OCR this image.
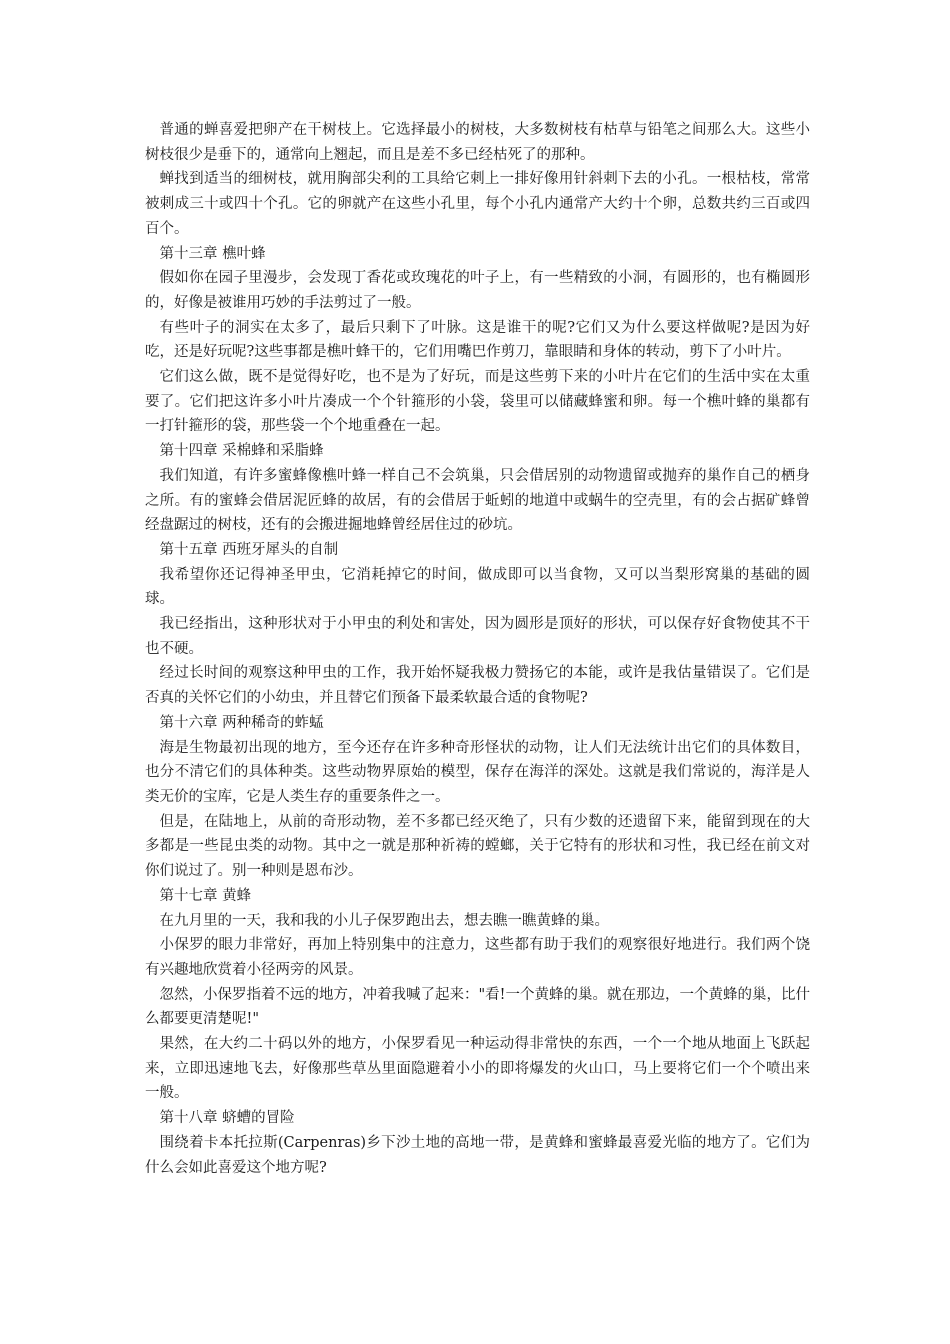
普通的蝉喜爱把卵产在干树枝上。它选择最小的树枝，大多数树枝有枯草与铅笔之间那么大。这些小树枝很少是垂下的，通常向上翘起，而且是差不多已经枯死了的那种。

蝉找到适当的细树枝，就用胸部尖利的工具给它刺上一排好像用针斜刺下去的小孔。一根枯枝，常常被刺成三十或四十个孔。它的卵就产在这些小孔里，每个小孔内通常产大约十个卵，总数共约三百或四百个。

第十三章 樵叶蜂

假如你在园子里漫步，会发现丁香花或玫瑰花的叶子上，有一些精致的小洞，有圆形的，也有椭圆形的，好像是被谁用巧妙的手法剪过了一般。

有些叶子的洞实在太多了，最后只剩下了叶脉。这是谁干的呢?它们又为什么要这样做呢?是因为好吃，还是好玩呢?这些事都是樵叶蜂干的，它们用嘴巴作剪刀，靠眼睛和身体的转动，剪下了小叶片。

它们这么做，既不是觉得好吃，也不是为了好玩，而是这些剪下来的小叶片在它们的生活中实在太重要了。它们把这许多小叶片凑成一个个针箍形的小袋，袋里可以储藏蜂蜜和卵。每一个樵叶蜂的巢都有一打针箍形的袋，那些袋一个个地重叠在一起。

第十四章 采棉蜂和采脂蜂

我们知道，有许多蜜蜂像樵叶蜂一样自己不会筑巢，只会借居别的动物遗留或抛弃的巢作自己的栖身之所。有的蜜蜂会借居泥匠蜂的故居，有的会借居于蚯蚓的地道中或蜗牛的空壳里，有的会占据矿蜂曾经盘踞过的树枝，还有的会搬进掘地蜂曾经居住过的砂坑。

第十五章 西班牙犀头的自制

我希望你还记得神圣甲虫，它消耗掉它的时间，做成即可以当食物，又可以当梨形窝巢的基础的圆球。

我已经指出，这种形状对于小甲虫的利处和害处，因为圆形是顶好的形状，可以保存好食物使其不干也不硬。

经过长时间的观察这种甲虫的工作，我开始怀疑我极力赞扬它的本能，或许是我估量错误了。它们是否真的关怀它们的小幼虫，并且替它们预备下最柔软最合适的食物呢?

第十六章 两种稀奇的蚱蜢

海是生物最初出现的地方，至今还存在许多种奇形怪状的动物，让人们无法统计出它们的具体数目，也分不清它们的具体种类。这些动物界原始的模型，保存在海洋的深处。这就是我们常说的，海洋是人类无价的宝库，它是人类生存的重要条件之一。

但是，在陆地上，从前的奇形动物，差不多都已经灭绝了，只有少数的还遗留下来，能留到现在的大多都是一些昆虫类的动物。其中之一就是那种祈祷的螳螂，关于它特有的形状和习性，我已经在前文对你们说过了。别一种则是恩布沙。

第十七章 黄蜂

在九月里的一天，我和我的小儿子保罗跑出去，想去瞧一瞧黄蜂的巢。

小保罗的眼力非常好，再加上特别集中的注意力，这些都有助于我们的观察很好地进行。我们两个饶有兴趣地欣赏着小径两旁的风景。

忽然，小保罗指着不远的地方，冲着我喊了起来："看!一个黄蜂的巢。就在那边，一个黄蜂的巢，比什么都要更清楚呢!"

果然，在大约二十码以外的地方，小保罗看见一种运动得非常快的东西，一个一个地从地面上飞跃起来，立即迅速地飞去，好像那些草丛里面隐避着小小的即将爆发的火山口，马上要将它们一个个喷出来一般。

第十八章 蛴螬的冒险

围绕着卡本托拉斯(Carpenras)乡下沙土地的高地一带，是黄蜂和蜜蜂最喜爱光临的地方了。它们为什么会如此喜爱这个地方呢?
